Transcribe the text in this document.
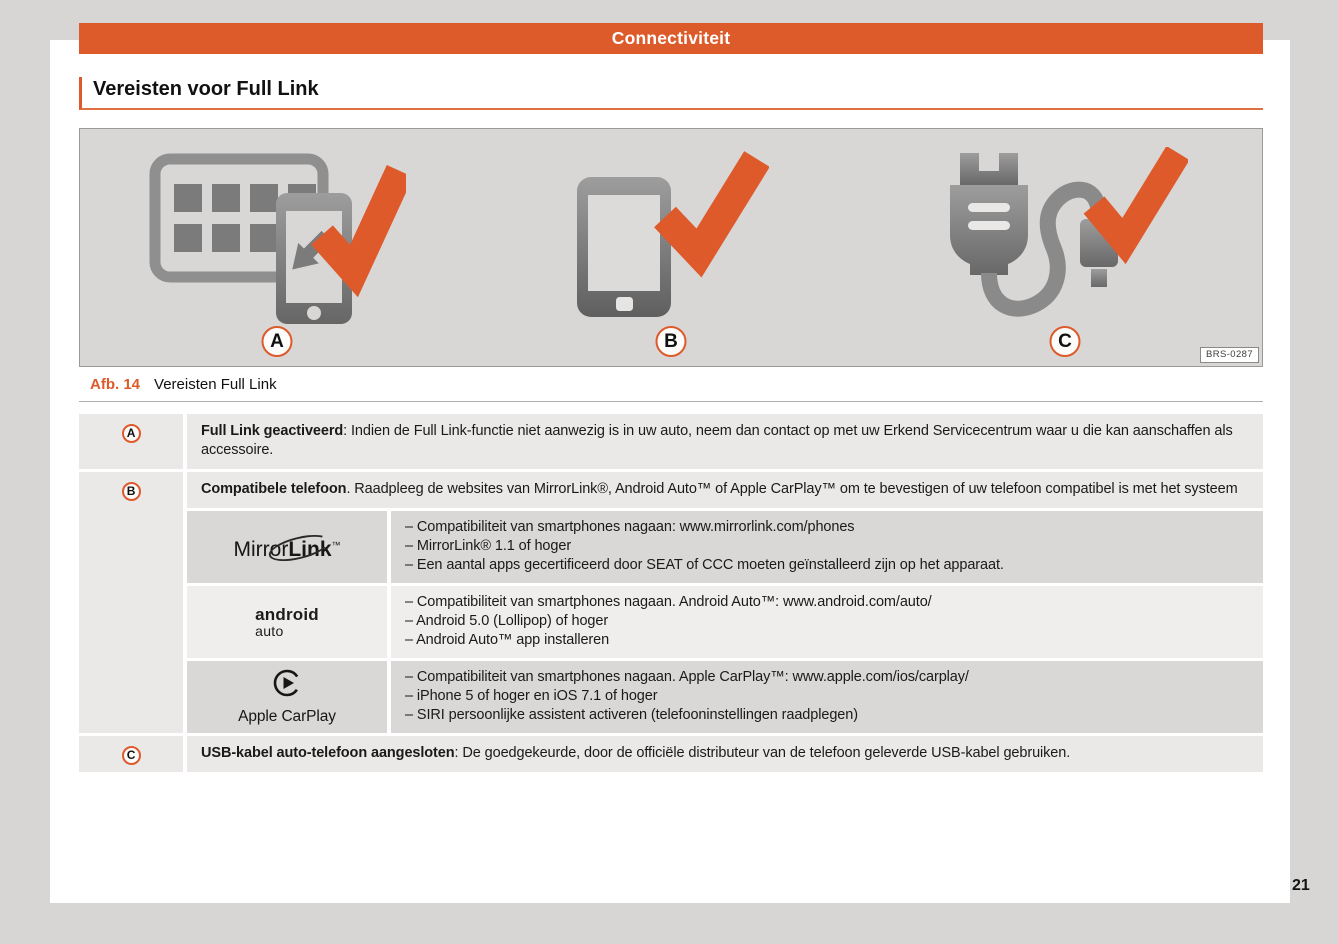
Connectiviteit
Vereisten voor Full Link
A	B	C
BRS-0287
Afb. 14 Vereisten Full Link
A	Full Link geactiveerd: Indien de Full Link-functie niet aanwezig is in uw auto, neem dan contact op met uw Erkend Servicecentrum waar u die kan aanschaffen als accessoire.
B	Compatibele telefoon. Raadpleeg de websites van MirrorLink®, Android Auto™ of Apple CarPlay™ om te bevestigen of uw telefoon compatibel is met het systeem
MirrorLink™
– Compatibiliteit van smartphones nagaan: www.mirrorlink.com/phones
– MirrorLink® 1.1 of hoger
– Een aantal apps gecertificeerd door SEAT of CCC moeten geïnstalleerd zijn op het apparaat.
android
auto
– Compatibiliteit van smartphones nagaan. Android Auto™: www.android.com/auto/
– Android 5.0 (Lollipop) of hoger
– Android Auto™ app installeren
Apple CarPlay
– Compatibiliteit van smartphones nagaan. Apple CarPlay™: www.apple.com/ios/carplay/
– iPhone 5 of hoger en iOS 7.1 of hoger
– SIRI persoonlijke assistent activeren (telefooninstellingen raadplegen)
C	USB-kabel auto-telefoon aangesloten: De goedgekeurde, door de officiële distributeur van de telefoon geleverde USB-kabel gebruiken.
21
